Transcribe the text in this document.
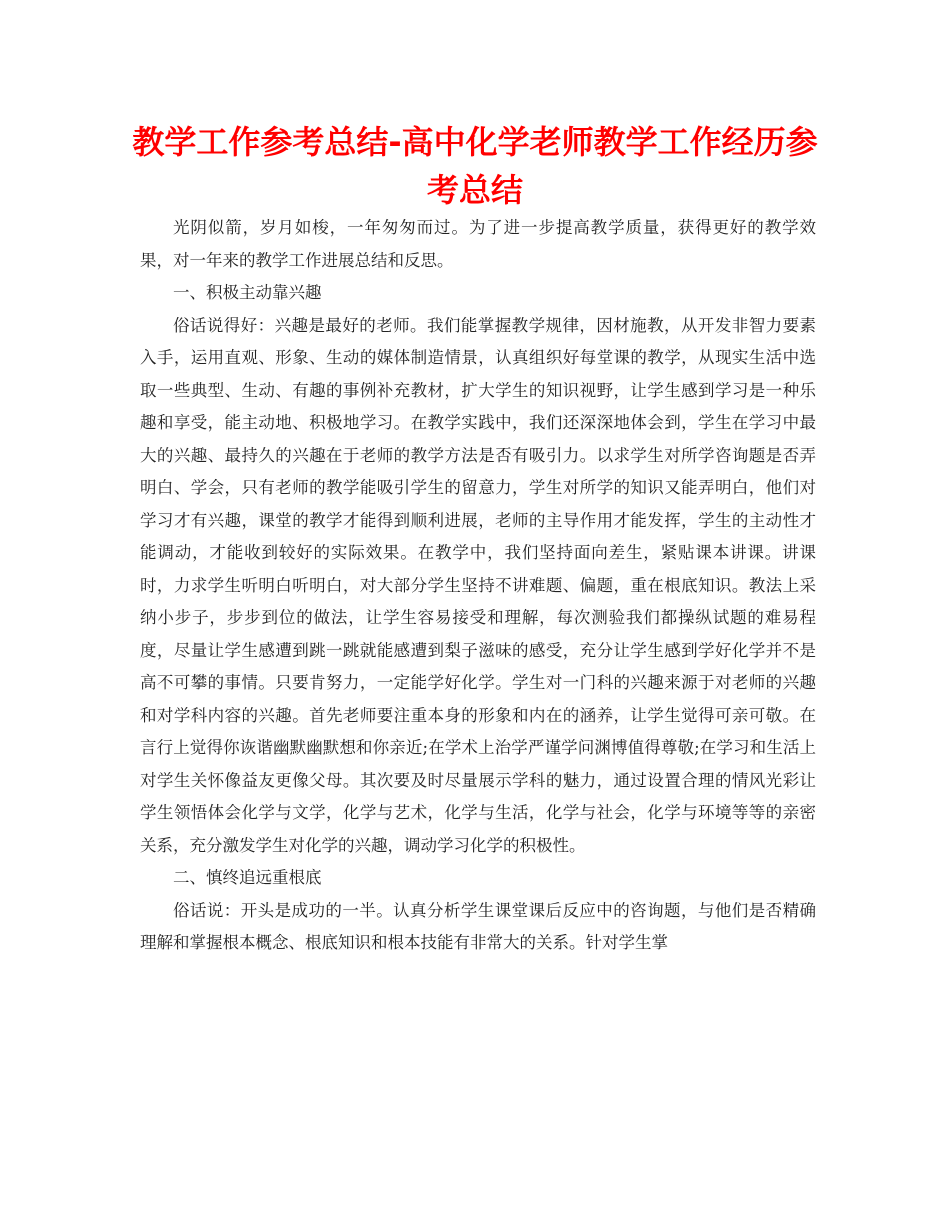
教学工作参考总结-高中化学老师教学工作经历参考总结

光阴似箭，岁月如梭，一年匆匆而过。为了进一步提高教学质量，获得更好的教学效果，对一年来的教学工作进展总结和反思。

一、积极主动靠兴趣

俗话说得好：兴趣是最好的老师。我们能掌握教学规律，因材施教，从开发非智力要素入手，运用直观、形象、生动的媒体制造情景，认真组织好每堂课的教学，从现实生活中选取一些典型、生动、有趣的事例补充教材，扩大学生的知识视野，让学生感到学习是一种乐趣和享受，能主动地、积极地学习。在教学实践中，我们还深深地体会到，学生在学习中最大的兴趣、最持久的兴趣在于老师的教学方法是否有吸引力。以求学生对所学咨询题是否弄明白、学会，只有老师的教学能吸引学生的留意力，学生对所学的知识又能弄明白，他们对学习才有兴趣，课堂的教学才能得到顺利进展，老师的主导作用才能发挥，学生的主动性才能调动，才能收到较好的实际效果。在教学中，我们坚持面向差生，紧贴课本讲课。讲课时，力求学生听明白听明白，对大部分学生坚持不讲难题、偏题，重在根底知识。教法上采纳小步子，步步到位的做法，让学生容易接受和理解，每次测验我们都操纵试题的难易程度，尽量让学生感遭到跳一跳就能感遭到梨子滋味的感受，充分让学生感到学好化学并不是高不可攀的事情。只要肯努力，一定能学好化学。学生对一门科的兴趣来源于对老师的兴趣和对学科内容的兴趣。首先老师要注重本身的形象和内在的涵养，让学生觉得可亲可敬。在言行上觉得你诙谐幽默幽默想和你亲近;在学术上治学严谨学问渊博值得尊敬;在学习和生活上对学生关怀像益友更像父母。其次要及时尽量展示学科的魅力，通过设置合理的情风光彩让学生领悟体会化学与文学，化学与艺术，化学与生活，化学与社会，化学与环境等等的亲密关系，充分激发学生对化学的兴趣，调动学习化学的积极性。

二、慎终追远重根底

俗话说：开头是成功的一半。认真分析学生课堂课后反应中的咨询题，与他们是否精确理解和掌握根本概念、根底知识和根本技能有非常大的关系。针对学生掌
